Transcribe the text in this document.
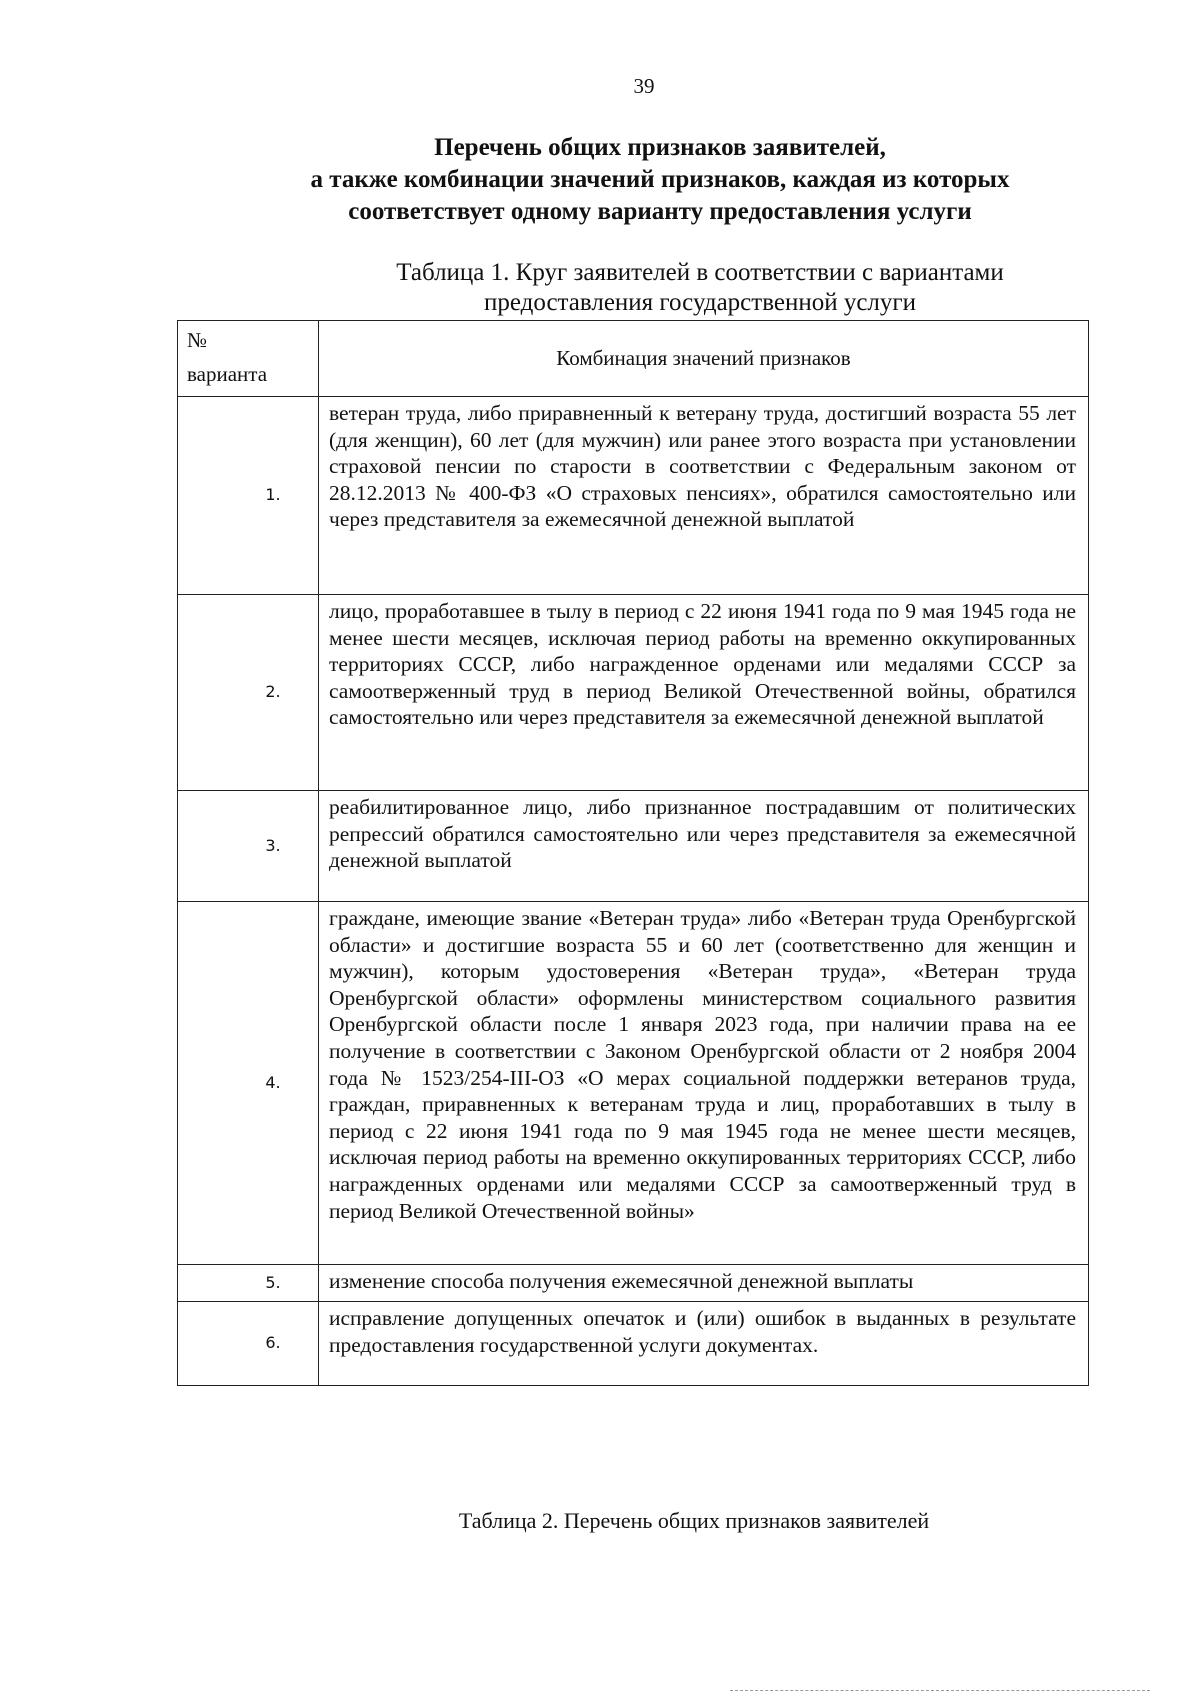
39
Перечень общих признаков заявителей,
а также комбинации значений признаков, каждая из которых
соответствует одному варианту предоставления услуги
Таблица 1. Круг заявителей в соответствии с вариантами
предоставления государственной услуги
№
варианта	Комбинация значений признаков
1.	ветеран труда, либо приравненный к ветерану труда, достигший возраста 55 лет (для женщин), 60 лет (для мужчин) или ранее этого возраста при установлении страховой пенсии по старости в соответствии с Федеральным законом от 28.12.2013 № 400-ФЗ «О страховых пенсиях», обратился самостоятельно или через представителя за ежемесячной денежной выплатой
2.	лицо, проработавшее в тылу в период с 22 июня 1941 года по 9 мая 1945 года не менее шести месяцев, исключая период работы на временно оккупированных территориях СССР, либо награжденное орденами или медалями СССР за самоотверженный труд в период Великой Отечественной войны, обратился самостоятельно или через представителя за ежемесячной денежной выплатой
3.	реабилитированное лицо, либо признанное пострадавшим от политических репрессий обратился самостоятельно или через представителя за ежемесячной денежной выплатой
4.	граждане, имеющие звание «Ветеран труда» либо «Ветеран труда Оренбургской области» и достигшие возраста 55 и 60 лет (соответственно для женщин и мужчин), которым удостоверения «Ветеран труда», «Ветеран труда Оренбургской области» оформлены министерством социального развития Оренбургской области после 1 января 2023 года, при наличии права на ее получение в соответствии с Законом Оренбургской области от 2 ноября 2004 года № 1523/254-III-ОЗ «О мерах социальной поддержки ветеранов труда, граждан, приравненных к ветеранам труда и лиц, проработавших в тылу в период с 22 июня 1941 года по 9 мая 1945 года не менее шести месяцев, исключая период работы на временно оккупированных территориях СССР, либо награжденных орденами или медалями СССР за самоотверженный труд в период Великой Отечественной войны»
5.	изменение способа получения ежемесячной денежной выплаты
6.	исправление допущенных опечаток и (или) ошибок в выданных в результате предоставления государственной услуги документах.
Таблица 2. Перечень общих признаков заявителей
